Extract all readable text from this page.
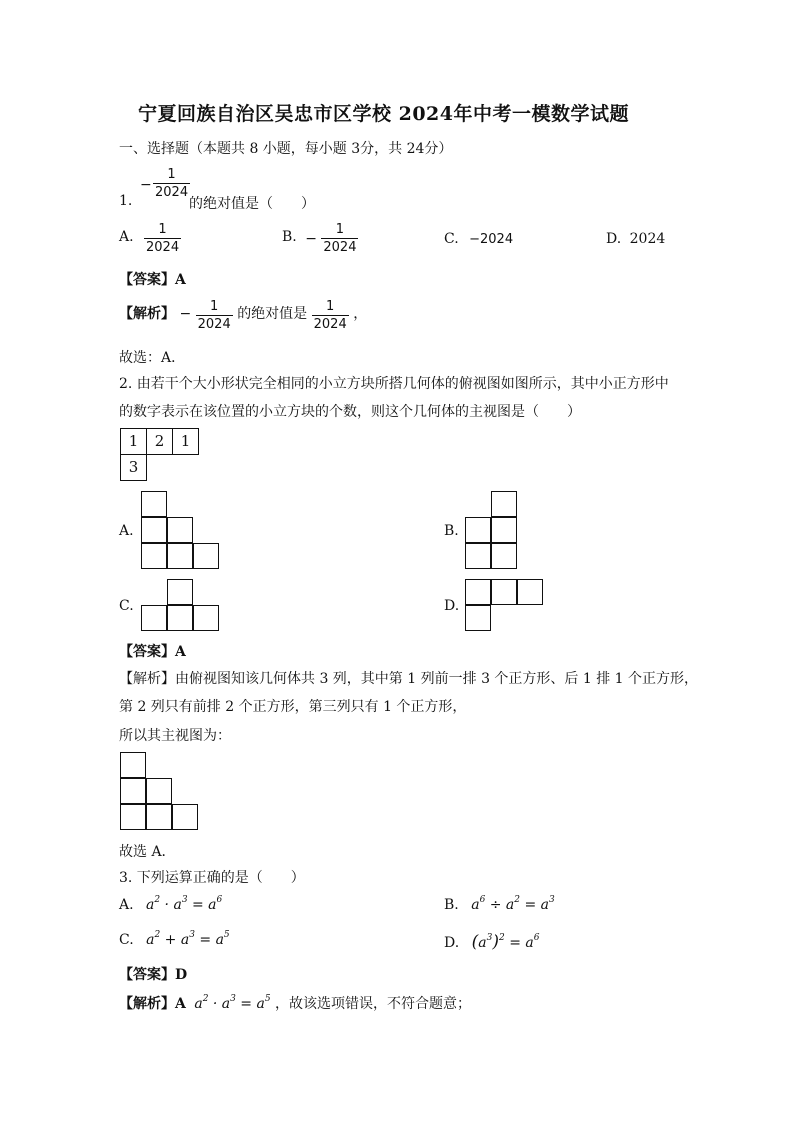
宁夏回族自治区吴忠市区学校 2024年中考一模数学试题
一、选择题（本题共 8 小题，每小题 3分，共 24分）
1.
− $\frac{1}{2024}$
的绝对值是（　　）
A. $\frac{1}{2024}$	B. − $\frac{1}{2024}$	C. −2024	D. 2024
【答案】A
【解析】 − $\frac{1}{2024}$ 的绝对值是 $\frac{1}{2024}$ ，
故选：A．
2. 由若干个大小形状完全相同的小立方块所搭几何体的俯视图如图所示，其中小正方形中
的数字表示在该位置的小立方块的个数，则这个几何体的主视图是（　　）
1	2	1
3
A.	B.
C.	D.
【答案】A
【解析】由俯视图知该几何体共 3 列，其中第 1 列前一排 3 个正方形、后 1 排 1 个正方形，
第 2 列只有前排 2 个正方形，第三列只有 1 个正方形，
所以其主视图为：
故选 A．
3. 下列运算正确的是（　　）
A. $a^2 \cdot a^3 = a^6$	B. $a^6 \div a^2 = a^3$
C. $a^2 + a^3 = a^5$	D. $(a^3)^2 = a^6$
【答案】D
【解析】A $a^2 \cdot a^3 = a^5$ ，故该选项错误，不符合题意；
